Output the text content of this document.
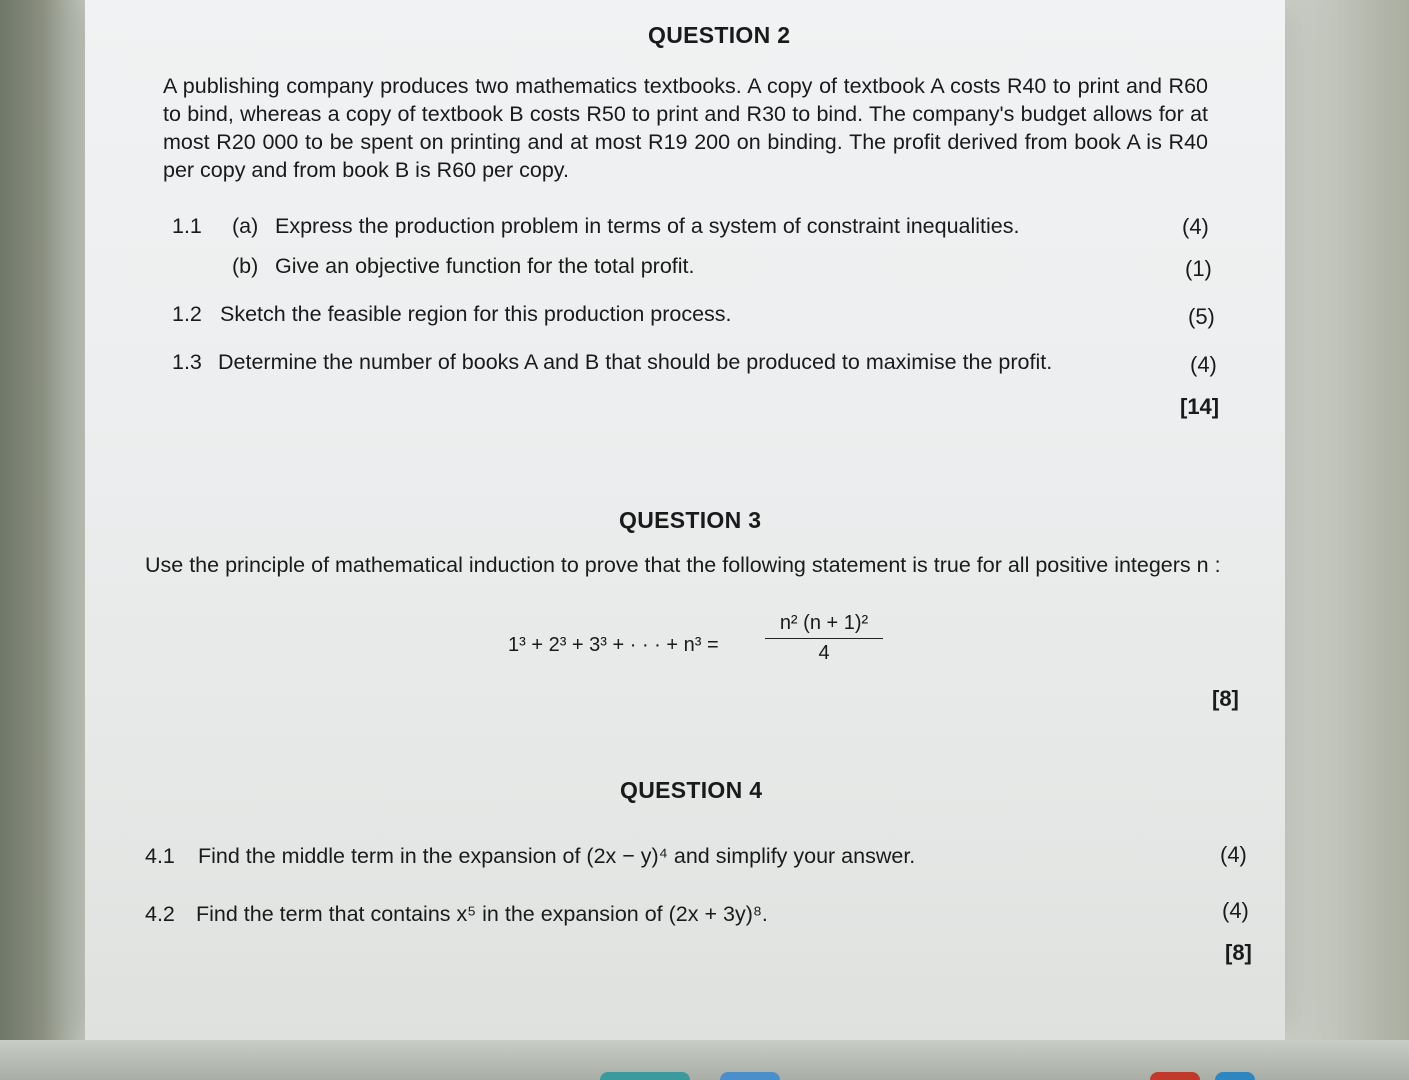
QUESTION 2
A publishing company produces two mathematics textbooks. A copy of textbook A costs R40 to print and R60 to bind, whereas a copy of textbook B costs R50 to print and R30 to bind. The company's budget allows for at most R20 000 to be spent on printing and at most R19 200 on binding. The profit derived from book A is R40 per copy and from book B is R60 per copy.
1.1 (a) Express the production problem in terms of a system of constraint inequalities.	(4)
(b) Give an objective function for the total profit.	(1)
1.2 Sketch the feasible region for this production process.	(5)
1.3 Determine the number of books A and B that should be produced to maximise the profit.	(4)
[14]
QUESTION 3
Use the principle of mathematical induction to prove that the following statement is true for all positive integers n :
1³ + 2³ + 3³ + · · · + n³ =
n² (n + 1)²
4
[8]
QUESTION 4
4.1 Find the middle term in the expansion of (2x − y)⁴ and simplify your answer.	(4)
4.2 Find the term that contains x⁵ in the expansion of (2x + 3y)⁸.	(4)
[8]
